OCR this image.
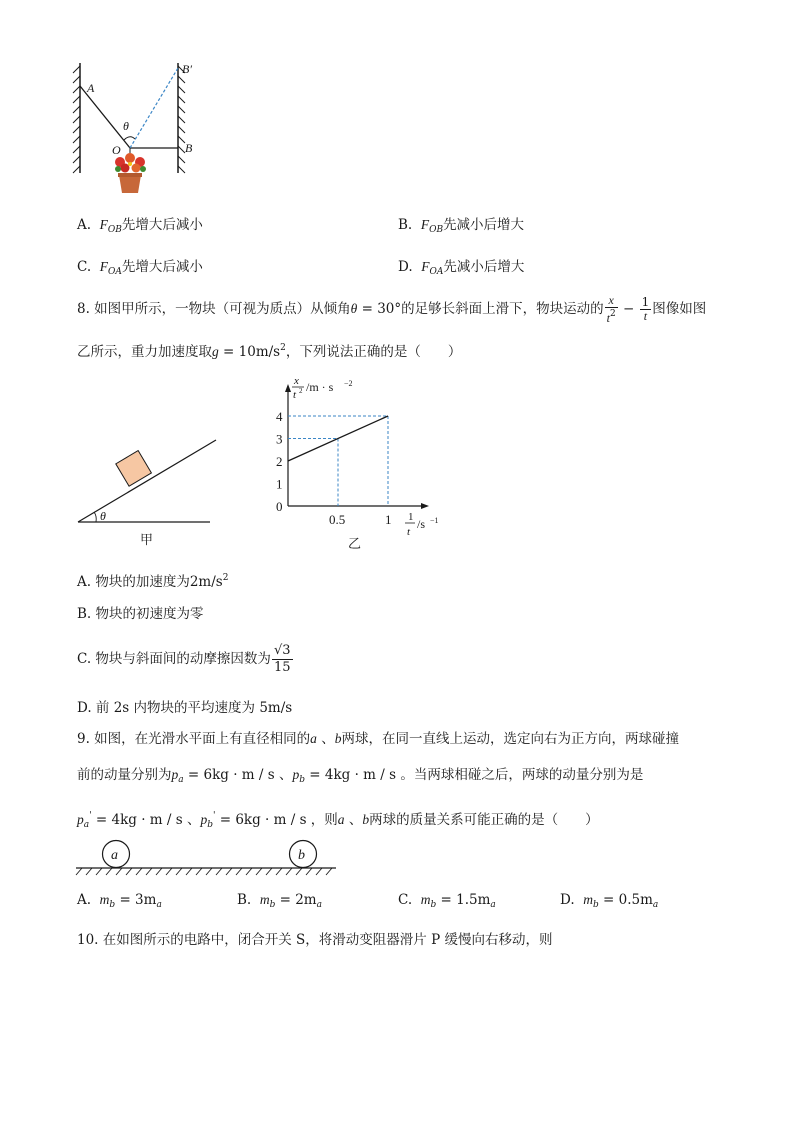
A
B′
θ
O	B
A. $F_{OB}$先增大后减小	B. $F_{OB}$先减小后增大
C. $F_{OA}$先增大后减小	D. $F_{OA}$先减小后增大
8. 如图甲所示，一物块（可视为质点）从倾角θ = 30°的足够长斜面上滑下，物块运动的 $\frac{x}{t^2} - \frac{1}{t}$ 图像如图
乙所示，重力加速度取$g = 10m/s^2$，下列说法正确的是（　　）
θ
甲
x
t 2 /m · s −2
1
2
3
4
0.5	1
0
1
t
/s −1
乙
A. 物块的加速度为$2m/s^2$
B. 物块的初速度为零
C. 物块与斜面间的动摩擦因数为 $\frac{√3}{15}$
D. 前 2s 内物块的平均速度为 5m/s
9. 如图，在光滑水平面上有直径相同的a 、b两球，在同一直线上运动，选定向右为正方向，两球碰撞
前的动量分别为$p_a = 6kg \cdot m / s$ 、$p_b = 4kg \cdot m / s$ 。当两球相碰之后，两球的动量分别为是
$p_a' = 4kg \cdot m / s$ 、$p_b' = 6kg \cdot m / s$ ，则a 、b两球的质量关系可能正确的是（　　）
a	b
A. $m_b = 3m_a$	B. $m_b = 2m_a$	C. $m_b = 1.5m_a$	D. $m_b = 0.5m_a$
10. 在如图所示的电路中，闭合开关 S，将滑动变阻器滑片 P 缓慢向右移动，则
